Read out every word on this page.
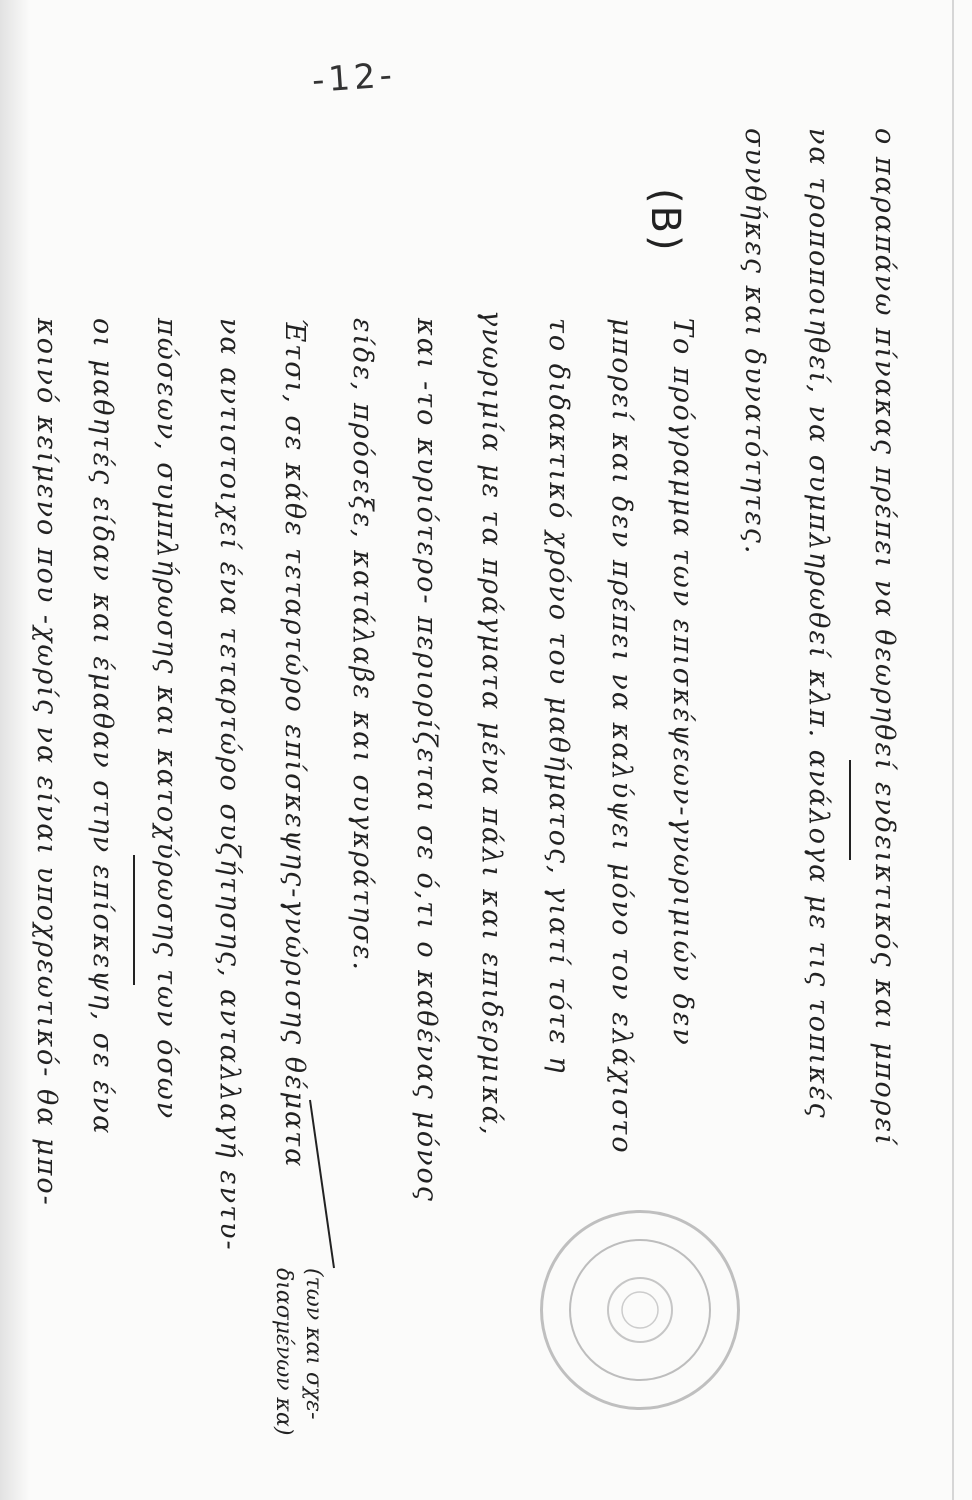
-12-
ο παραπάνω πίνακας πρέπει να θεωρηθεί ενδεικτικός και μπορεί
να τροποποιηθεί, να συμπληρωθεί κλπ. ανάλογα με τις τοπικές
συνθήκες και δυνατότητες.
(B)
Το πρόγραμμα των επισκέψεων-γνωριμιών δεν
μπορεί και δεν πρέπει να καλύψει μόνο τον ελάχιστο
το διδακτικό χρόνο του μαθήματος, γιατί τότε η
γνωριμία με τα πράγματα μένα πάλι και επιδερμικά,
και -το κυριότερο- περιορίζεται σε ό,τι ο καθένας μόνος
είδε, πρόσεξε, κατάλαβε και συγκράτησε.
Έτσι, σε κάθε τεταρτώρο επίσκεψης-γνώρισης θέματα
να αντιστοιχεί ένα τεταρτώρο συζήτησης, ανταλλαγή εντυ-
πώσεων, συμπλήρωσης και κατοχύρωσης των όσων
οι μαθητές είδαν και έμαθαν στην επίσκεψη, σε ένα
κοινό κείμενο που -χωρίς να είναι υποχρεωτικό- θα μπο-
(των και σχε-
διασμένων κα)
